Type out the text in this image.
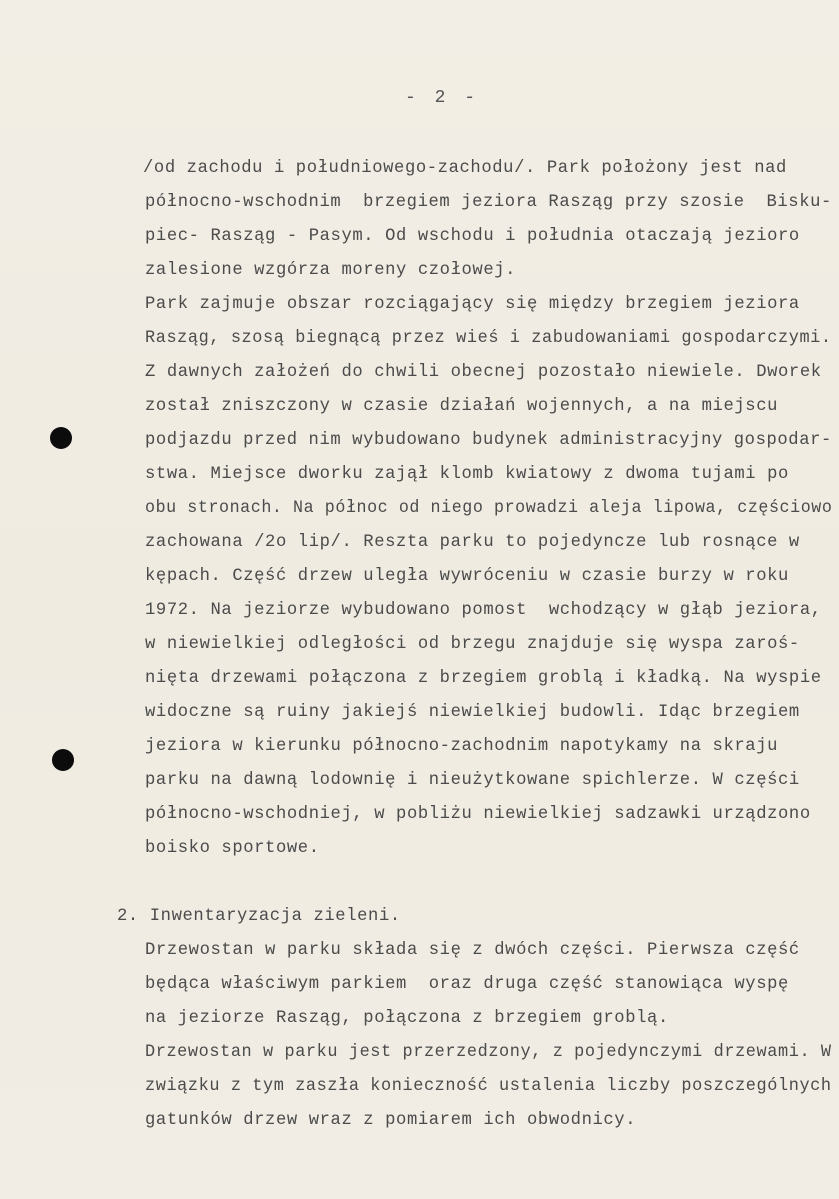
- 2 -
/od zachodu i południowego-zachodu/. Park położony jest nad
północno-wschodnim  brzegiem jeziora Rasząg przy szosie  Bisku-
piec- Rasząg - Pasym. Od wschodu i południa otaczają jezioro
zalesione wzgórza moreny czołowej.
Park zajmuje obszar rozciągający się między brzegiem jeziora
Rasząg, szosą biegnącą przez wieś i zabudowaniami gospodarczymi.
Z dawnych założeń do chwili obecnej pozostało niewiele. Dworek
został zniszczony w czasie działań wojennych, a na miejscu
podjazdu przed nim wybudowano budynek administracyjny gospodar-
stwa. Miejsce dworku zajął klomb kwiatowy z dwoma tujami po
obu stronach. Na północ od niego prowadzi aleja lipowa, częściowo
zachowana /2o lip/. Reszta parku to pojedyncze lub rosnące w
kępach. Część drzew uległa wywróceniu w czasie burzy w roku
1972. Na jeziorze wybudowano pomost  wchodzący w głąb jeziora,
w niewielkiej odległości od brzegu znajduje się wyspa zaroś-
nięta drzewami połączona z brzegiem groblą i kładką. Na wyspie
widoczne są ruiny jakiejś niewielkiej budowli. Idąc brzegiem
jeziora w kierunku północno-zachodnim napotykamy na skraju
parku na dawną lodownię i nieużytkowane spichlerze. W części
północno-wschodniej, w pobliżu niewielkiej sadzawki urządzono
boisko sportowe.
2. Inwentaryzacja zieleni.
Drzewostan w parku składa się z dwóch części. Pierwsza część
będąca właściwym parkiem  oraz druga część stanowiąca wyspę
na jeziorze Rasząg, połączona z brzegiem groblą.
Drzewostan w parku jest przerzedzony, z pojedynczymi drzewami. W
związku z tym zaszła konieczność ustalenia liczby poszczególnych
gatunków drzew wraz z pomiarem ich obwodnicy.
